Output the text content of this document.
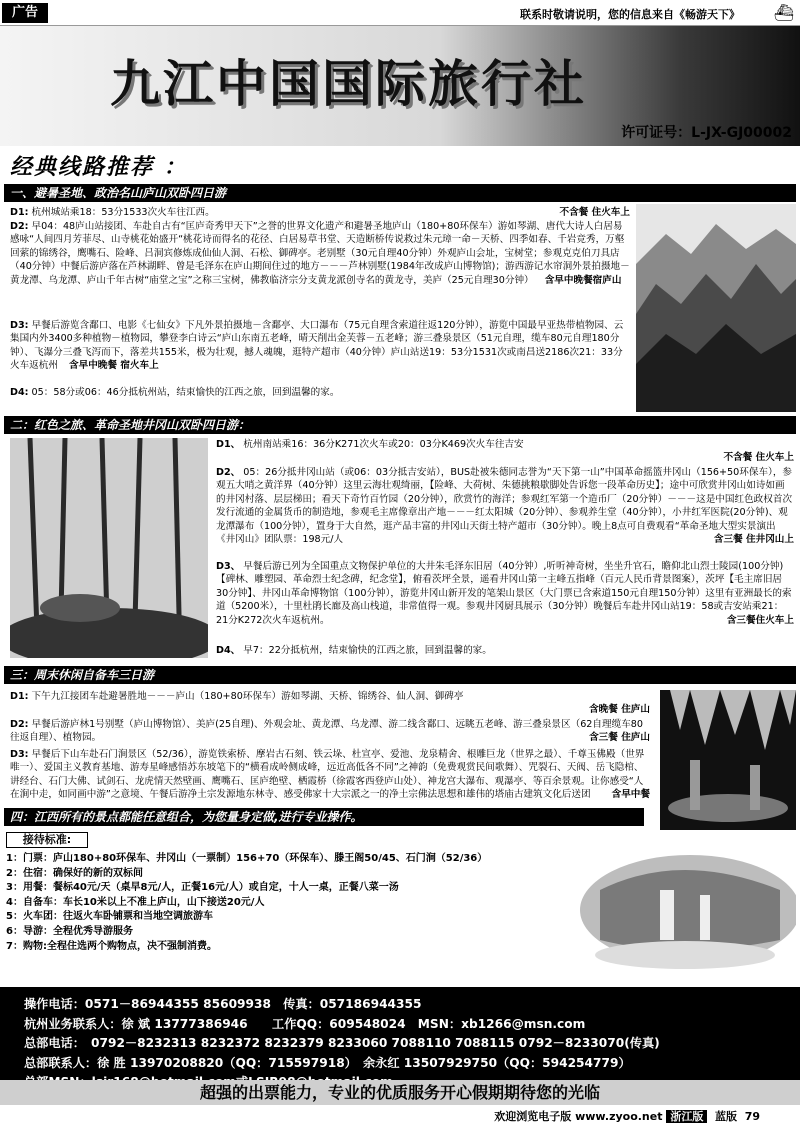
广告	联系时敬请说明，您的信息来自《畅游天下》 ⛴
九江中国国际旅行社
许可证号：L-JX-GJ00002
经典线路推荐 ：
一、避暑圣地、政治名山庐山双卧四日游
不含餐 住火车上
D1: 杭州城站乘18：53分1533次火车往江西。
D2: 早04：48庐山站接团、车赴自古有“匡庐奇秀甲天下”之誉的世界文化遗产和避暑圣地庐山（180+80环保车）游如琴湖、唐代大诗人白居易感咏“人间四月芳菲尽、山寺桃花始盛开“桃花诗而得名的花径、白居易草书堂、天造断桥传说救过朱元璋一命－天桥、四季如春、千岩竞秀，万壑回萦的锦绣谷，鹰嘴石、险峰、吕洞宾修炼成仙仙人洞、石松、御碑亭。老别墅（30元自理40分钟）外观庐山会址，宝树堂；参观克克伯刀具店（40分钟）中餐后游庐落在芦林湖畔、曾是毛泽东在庐山期间住过的地方－－－芦林别墅(1984年改成庐山博物馆)；游西游记水帘洞外景拍摄地－黄龙潭、乌龙潭、庐山千年古树“庙堂之宝”之称三宝树，佛教临济宗分支黄龙派创寺名的黄龙寺，美庐（25元自理30分钟） 含早中晚餐宿庐山
D3: 早餐后游览含鄱口、电影《七仙女》下凡外景拍摄地－含鄱亭、大口瀑布（75元自理含索道往返120分钟），游览中国最早亚热带植物园、云集国内外3400多种植物－植物园，攀登李白诗云“庐山东南五老峰，晴天削出金芙蓉－五老峰；游三叠泉景区（51元自理，缆车80元自理180分钟）、飞瀑分三叠飞泻而下，落差共155米，极为壮观，撼人魂魄，逛特产超市（40分钟）庐山站送19：53分1531次或南昌送2186次21：33分火车返杭州 含早中晚餐 宿火车上
D4: 05：58分或06：46分抵杭州站，结束愉快的江西之旅，回到温馨的家。
二：红色之旅、革命圣地井冈山双卧四日游：
D1、 杭州南站乘16：36分K271次火车或20：03分K469次火车往吉安

不含餐 住火车上
D2、 05：26分抵井冈山站（或06：03分抵吉安站），BUS赴被朱德同志誉为“天下第一山”中国革命摇篮井冈山（156+50环保车），参观五大哨之黄洋界（40分钟）这里云海壮观绮丽，【险峰、大荷树、朱德挑粮歇脚处告诉您一段革命历史】；途中可欣赏井冈山如诗如画的井冈村落、层层梯田；看天下奇竹百竹园（20分钟），欣赏竹的海洋；参观红军第一个造币厂（20分钟）－－－这是中国红色政权首次发行流通的金属货币的制造地，参观毛主席像章出产地－－－红太阳城（20分钟）、参观养生堂（40分钟），小井红军医院(20分钟)、观龙潭瀑布（100分钟），置身于大自然，逛产品丰富的井冈山天街土特产超市（30分钟）。晚上8点可自费观看“革命圣地大型实景演出《井冈山》团队票：198元/人	含三餐 住井冈山上
D3、 早餐后游已列为全国重点文物保护单位的大井朱毛泽东旧居（40分钟）,听听神奇树，坐坐升官石，瞻仰北山烈士陵园(100分钟)【碑林、雕塑园、革命烈士纪念碑，纪念堂】，俯看茨坪全景，遥看井冈山第一主峰五指峰（百元人民币背景图案），茨坪【毛主席旧居30分钟】、井冈山革命博物馆（100分钟），游览井冈山新开发的笔架山景区（大门票已含索道150元自理150分钟）这里有亚洲最长的索道（5200米），十里杜鹃长廊及高山栈道，非常值得一观。参观井冈厨具展示（30分钟）晚餐后车赴井冈山站19：58或吉安站乘21：21分K272次火车返杭州。	含三餐住火车上
D4、 早7：22分抵杭州，结束愉快的江西之旅，回到温馨的家。
三：周末休闲自备车三日游
D1: 下午九江接团车赴避暑胜地－－－庐山（180+80环保车）游如琴湖、天桥、锦绣谷、仙人洞、御碑亭

含晚餐 住庐山
D2: 早餐后游庐林1号别墅（庐山博物馆）、美庐(25自理)、外观会址、黄龙潭、乌龙潭、游二线含鄱口、远眺五老峰、游三叠泉景区（62自理缆车80往返自理）、植物园。	含三餐 住庐山
D3: 早餐后下山车赴石门涧景区（52/36），游览铁索桥、摩岩古石刻、铁云垛、杜宣亭、爱池、龙泉精舍、根雕巨龙（世界之最）、千尊玉佛殿（世界唯一）、爱国主义教育基地、游寿星峰感悟苏东坡笔下的“横看成岭侧成峰，远近高低各不同”之神韵（免费观赏民间歌舞）、咒裂石、天阀、岳飞隐棺、讲经台、石门大佛、试剑石、龙虎情天然壁画、鹰嘴石、匡庐绝壁、栖霞桥（徐霞客西登庐山处）、神龙宫大瀑布、观瀑亭、等百余景观。让你感受“人在涧中走，如同画中游”之意境、午餐后游净土宗发源地东林寺、感受佛家十大宗派之一的净土宗佛法思想和雄伟的塔庙古建筑文化后送团 含早中餐
四：江西所有的景点都能任意组合，为您量身定做,进行专业操作。
接待标准:
1：门票：庐山180+80环保车、井冈山（一票制）156+70（环保车）、滕王阁50/45、石门涧（52/36）
2：住宿：确保好的新的双标间
3：用餐：餐标40元/天（桌早8元/人，正餐16元/人）或自定，十人一桌，正餐八菜一汤
4：自备车：车长10米以上不准上庐山，山下接送20元/人
5：火车团：往返火车卧铺票和当地空调旅游车
6：导游：全程优秀导游服务
7：购物:全程住选两个购物点，决不强制消费。
操作电话：0571－86944355 85609938　传真：057186944355
杭州业务联系人：徐 斌 13777386946　　工作QQ：609548024　MSN：xb1266@msn.com
总部电话：　0792－8232313 8232372 8232379 8233060 7088110 7088115 0792－8233070(传真)
总部联系人：徐 胜 13970208820（QQ：715597918）　余永红 13507929750（QQ：594254779）
超强的出票能力，专业的优质服务开心假期期待您的光临
欢迎浏览电子版 www.zyoo.net 浙江版 蓝版 79
